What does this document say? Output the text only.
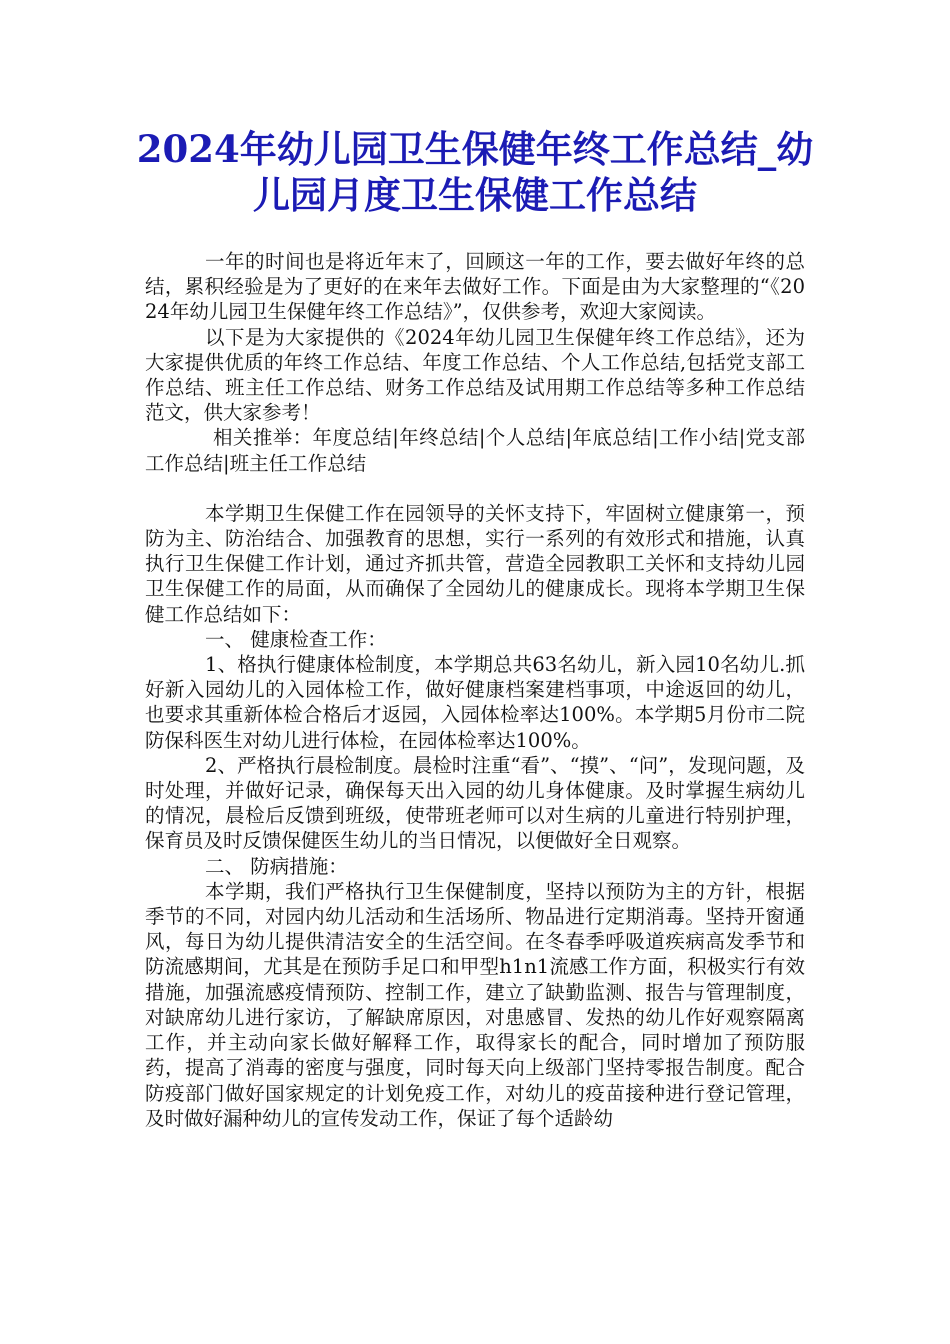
2024年幼儿园卫生保健年终工作总结_幼儿园月度卫生保健工作总结

一年的时间也是将近年末了，回顾这一年的工作，要去做好年终的总结，累积经验是为了更好的在来年去做好工作。下面是由为大家整理的“《2024年幼儿园卫生保健年终工作总结》”，仅供参考，欢迎大家阅读。

以下是为大家提供的《2024年幼儿园卫生保健年终工作总结》，还为大家提供优质的年终工作总结、年度工作总结、个人工作总结,包括党支部工作总结、班主任工作总结、财务工作总结及试用期工作总结等多种工作总结范文，供大家参考！

相关推举：年度总结|年终总结|个人总结|年底总结|工作小结|党支部工作总结|班主任工作总结

本学期卫生保健工作在园领导的关怀支持下，牢固树立健康第一，预防为主、防治结合、加强教育的思想，实行一系列的有效形式和措施，认真执行卫生保健工作计划，通过齐抓共管，营造全园教职工关怀和支持幼儿园卫生保健工作的局面，从而确保了全园幼儿的健康成长。现将本学期卫生保健工作总结如下：

一、 健康检查工作：

1、格执行健康体检制度，本学期总共63名幼儿，新入园10名幼儿.抓好新入园幼儿的入园体检工作，做好健康档案建档事项，中途返回的幼儿，也要求其重新体检合格后才返园，入园体检率达100%。本学期5月份市二院防保科医生对幼儿进行体检，在园体检率达100%。

2、严格执行晨检制度。晨检时注重“看”、“摸”、“问”，发现问题，及时处理，并做好记录，确保每天出入园的幼儿身体健康。及时掌握生病幼儿的情况，晨检后反馈到班级，使带班老师可以对生病的儿童进行特别护理，保育员及时反馈保健医生幼儿的当日情况，以便做好全日观察。

二、 防病措施：

本学期，我们严格执行卫生保健制度，坚持以预防为主的方针，根据季节的不同，对园内幼儿活动和生活场所、物品进行定期消毒。坚持开窗通风，每日为幼儿提供清洁安全的生活空间。在冬春季呼吸道疾病高发季节和防流感期间，尤其是在预防手足口和甲型h1n1流感工作方面，积极实行有效措施，加强流感疫情预防、控制工作，建立了缺勤监测、报告与管理制度，对缺席幼儿进行家访，了解缺席原因，对患感冒、发热的幼儿作好观察隔离工作，并主动向家长做好解释工作，取得家长的配合，同时增加了预防服药，提高了消毒的密度与强度，同时每天向上级部门坚持零报告制度。配合防疫部门做好国家规定的计划免疫工作，对幼儿的疫苗接种进行登记管理，及时做好漏种幼儿的宣传发动工作，保证了每个适龄幼
